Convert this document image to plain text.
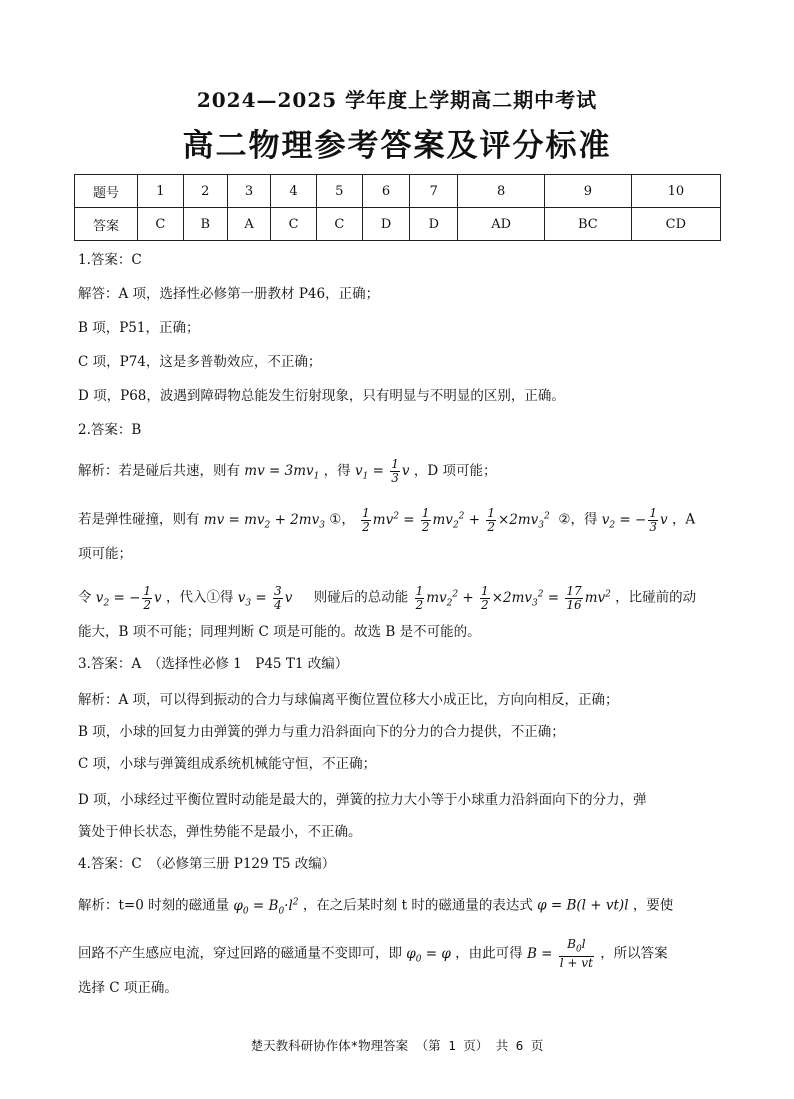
2024—2025 学年度上学期高二期中考试
高二物理参考答案及评分标准
题号	1	2	3	4	5	6	7	8	9	10
答案	C	B	A	C	C	D	D	AD	BC	CD
1.答案：C
解答：A 项，选择性必修第一册教材 P46，正确；
B 项，P51，正确；
C 项，P74，这是多普勒效应，不正确；
D 项，P68，波遇到障碍物总能发生衍射现象，只有明显与不明显的区别，正确。
2.答案：B
解析：若是碰后共速，则有 mv = $3mv_1$ ，得 $v_1 = \frac{1}{3}$ v ，D 项可能；
若是弹性碰撞，则有 mv = $mv_2 + 2mv_3$ ①， $\frac{1}{2} mv^2 = \frac{1}{2} mv_2^2 + \frac{1}{2} \times 2mv_3^2$ ②，得 $v_2$ = − $\frac{1}{3}$ v ，A
项可能；
令 $v_2$ = − $\frac{1}{2}$ v ，代入①得 $v_3 = \frac{3}{4}$ v 则碰后的总动能 $\frac{1}{2} mv_2^2 + \frac{1}{2} \times 2mv_3^2 = \frac{17}{16} mv^2$ ，比碰前的动
能大，B 项不可能；同理判断 C 项是可能的。故选 B 是不可能的。
3.答案：A　（选择性必修 1　P45 T1 改编）
解析：A 项，可以得到振动的合力与球偏离平衡位置位移大小成正比，方向向相反，正确；
B 项，小球的回复力由弹簧的弹力与重力沿斜面向下的分力的合力提供，不正确；
C 项，小球与弹簧组成系统机械能守恒，不正确；
D 项，小球经过平衡位置时动能是最大的，弹簧的拉力大小等于小球重力沿斜面向下的分力，弹
簧处于伸长状态，弹性势能不是最小，不正确。
4.答案：C　（必修第三册 P129 T5 改编）
解析：t=0 时刻的磁通量 $\varphi_0 = B_0\cdot l^2$ ，在之后某时刻 t 时的磁通量的表达式 φ = B(l + vt)l ，要使
回路不产生感应电流，穿过回路的磁通量不变即可，即 $\varphi_0 = \varphi$ ，由此可得 $B = \frac{B_0l}{l + vt}$ ，所以答案
选择 C 项正确。
楚天教科研协作体*物理答案 （第 1 页） 共 6 页
